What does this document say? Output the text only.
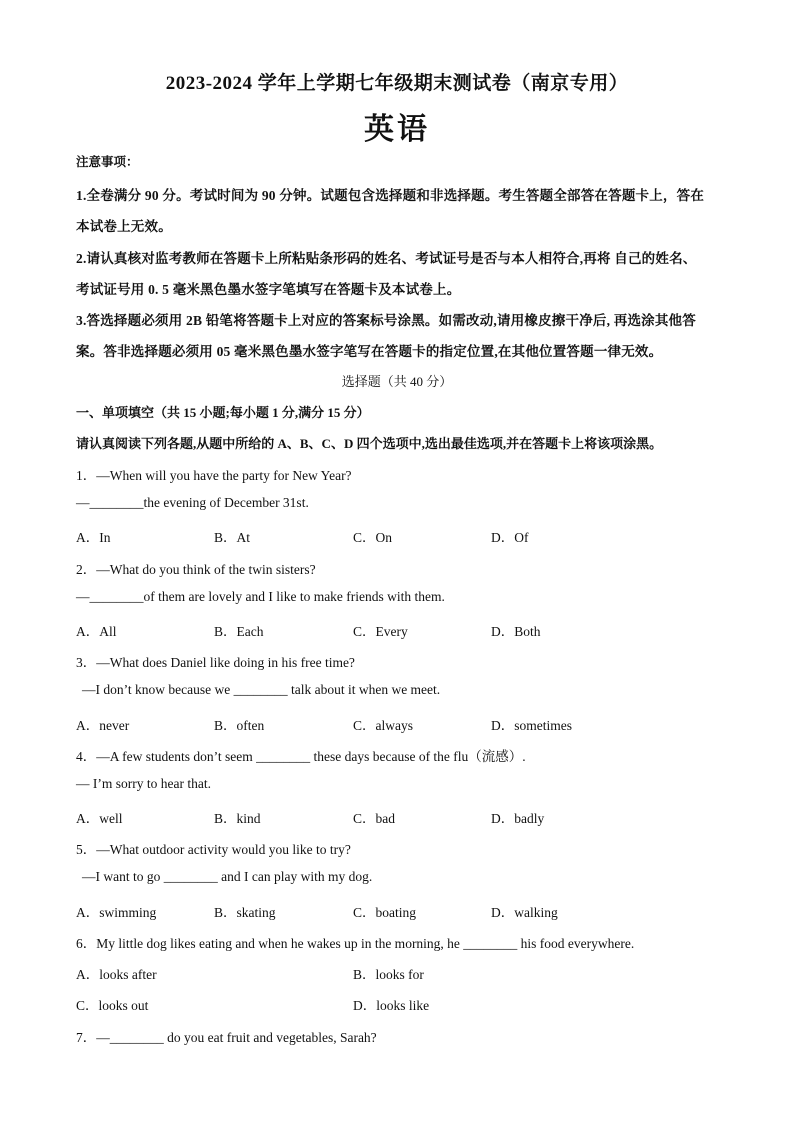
2023-2024 学年上学期七年级期末测试卷（南京专用）
英语
注意事项：
1.全卷满分 90 分。考试时间为 90 分钟。试题包含选择题和非选择题。考生答题全部答在答题卡上，答在
本试卷上无效。
2.请认真核对监考教师在答题卡上所粘贴条形码的姓名、考试证号是否与本人相符合,再将 自己的姓名、
考试证号用 0. 5 毫米黑色墨水签字笔填写在答题卡及本试卷上。
3.答选择题必须用 2B 铅笔将答题卡上对应的答案标号涂黑。如需改动,请用橡皮擦干净后, 再选涂其他答
案。答非选择题必须用 05 毫米黑色墨水签字笔写在答题卡的指定位置,在其他位置答题一律无效。
选择题（共 40 分）
一、单项填空（共 15 小题;每小题 1 分,满分 15 分）
请认真阅读下列各题,从题中所给的 A、B、C、D 四个选项中,选出最佳选项,并在答题卡上将该项涂黑。
1．—When will you have the party for New Year?
—________the evening of December 31st.
A．In	B．At	C．On	D．Of
2．—What do you think of the twin sisters?
—________of them are lovely and I like to make friends with them.
A．All	B．Each	C．Every	D．Both
3．—What does Daniel like doing in his free time?
—I don’t know because we ________ talk about it when we meet.
A．never	B．often	C．always	D．sometimes
4．—A few students don’t seem ________ these days because of the flu（流感）.
— I’m sorry to hear that.
A．well	B．kind	C．bad	D．badly
5．—What outdoor activity would you like to try?
—I want to go ________ and I can play with my dog.
A．swimming	B．skating	C．boating	D．walking
6．My little dog likes eating and when he wakes up in the morning, he ________ his food everywhere.
A．looks after	B．looks for
C．looks out	D．looks like
7．—________ do you eat fruit and vegetables, Sarah?
